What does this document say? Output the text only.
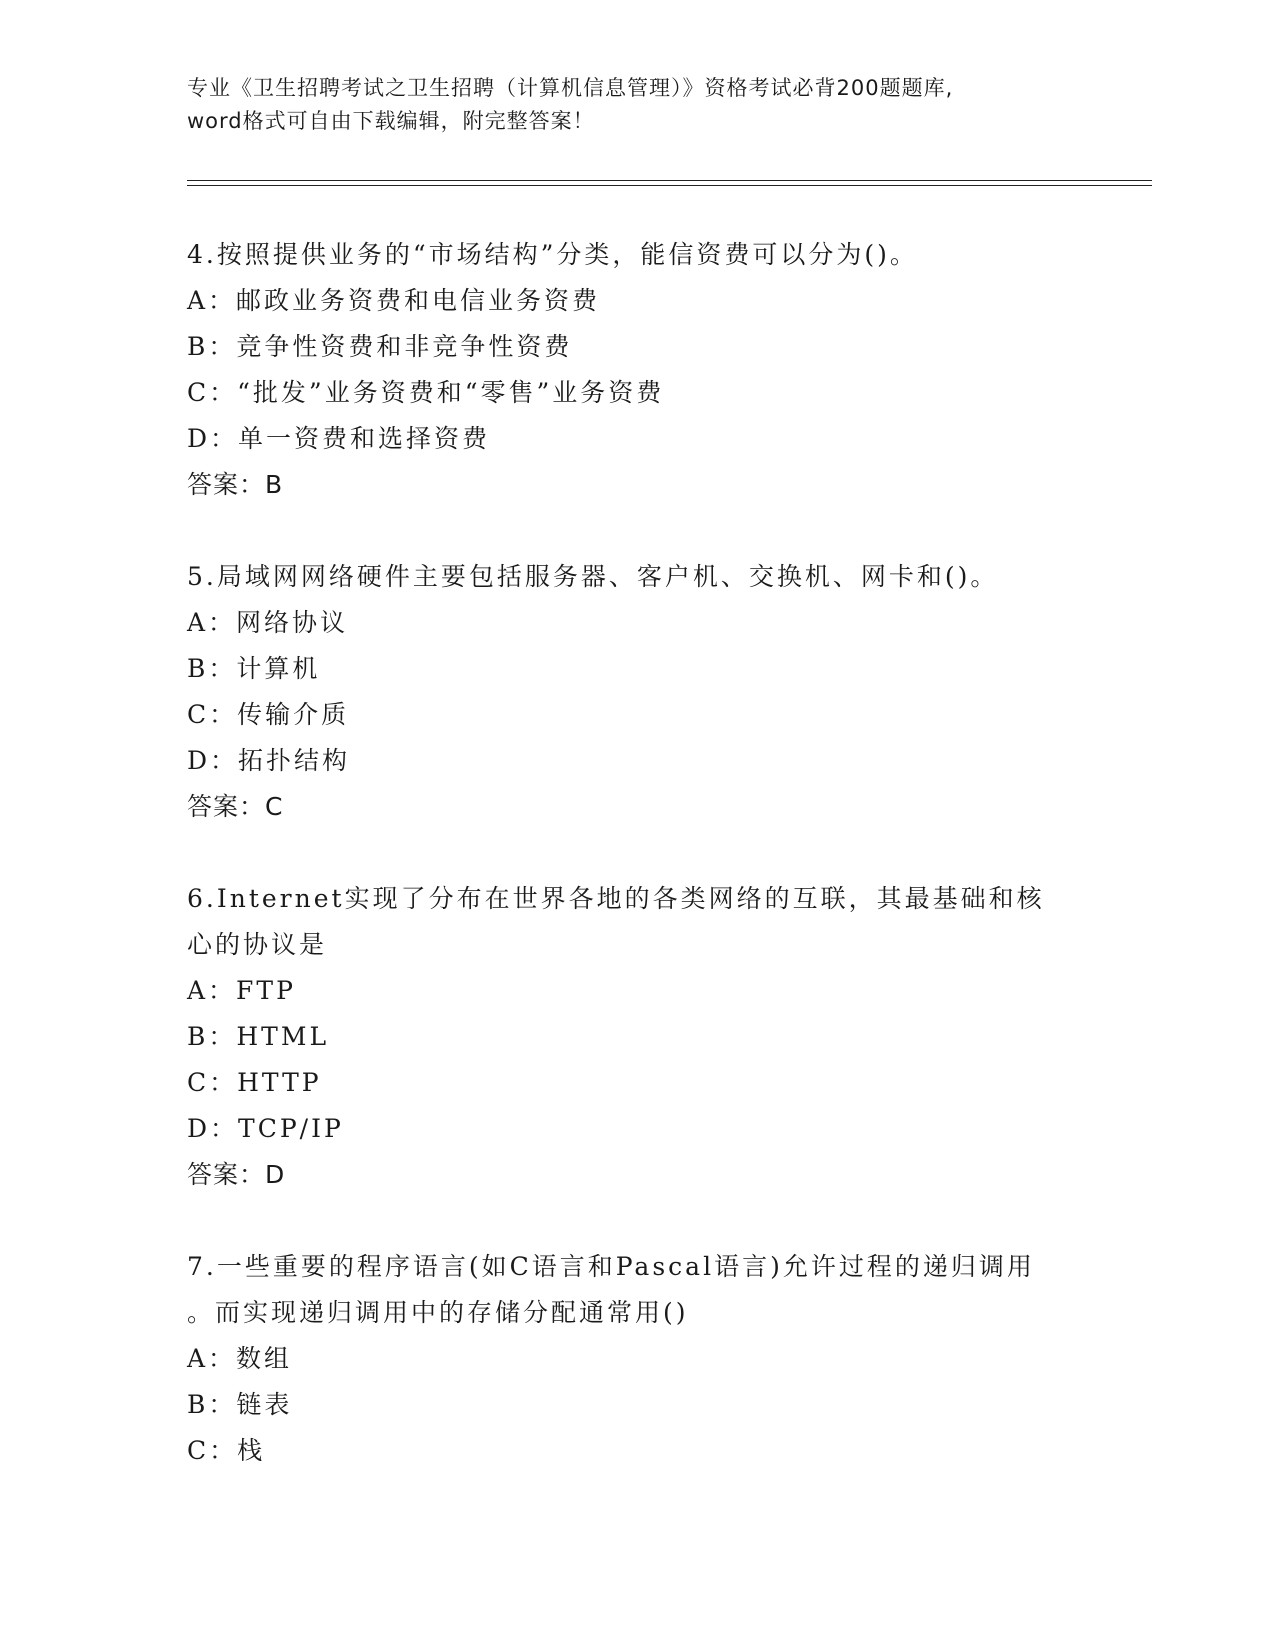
专业《卫生招聘考试之卫生招聘（计算机信息管理）》资格考试必背200题题库,

word格式可自由下载编辑，附完整答案！

4.按照提供业务的“市场结构”分类，能信资费可以分为()。

A：邮政业务资费和电信业务资费

B：竞争性资费和非竞争性资费

C：“批发”业务资费和“零售”业务资费

D：单一资费和选择资费

答案：B

5.局域网网络硬件主要包括服务器、客户机、交换机、网卡和()。

A：网络协议

B：计算机

C：传输介质

D：拓扑结构

答案：C

6.Internet实现了分布在世界各地的各类网络的互联，其最基础和核

心的协议是

A：FTP

B：HTML

C：HTTP

D：TCP/IP

答案：D

7.一些重要的程序语言(如C语言和Pascal语言)允许过程的递归调用

。而实现递归调用中的存储分配通常用()

A：数组

B：链表

C：栈
